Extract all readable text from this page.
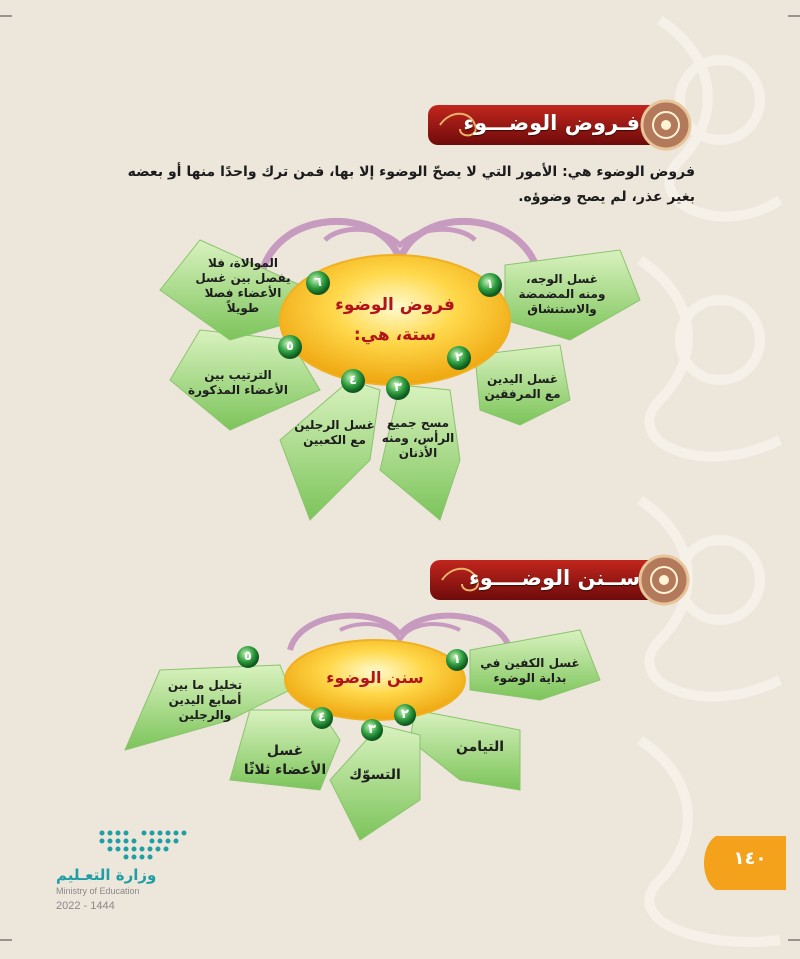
فـروض الوضـــوء
فروض الوضوء هي: الأمور التي لا يصحّ الوضوء إلا بها، فمن ترك واحدًا منها أو بعضه بغير عذر، لم يصح وضوؤه.
فروض الوضوء
ستة، هي:
١
٢
٣
٤
٥
٦	غسل الوجه، ومنه المضمضة والاستنشاق
غسل اليدين مع المرفقين
مسح جميع الرأس، ومنه الأذنان
غسل الرجلين مع الكعبين
الترتيب بين الأعضاء المذكورة
الموالاة، فلا يفصل بين غسل الأعضاء فصلا طويلاً
ســنن الوضــــوء
سنن الوضوء
١
٢
٣
٤
٥	غسل الكفين في بداية الوضوء
التيامن
التسوّك
غسل الأعضاء ثلاثًا
تخليل ما بين أصابع اليدين والرجلين
وزارة التعـليم
Ministry of Education
2022 - 1444
١٤٠
